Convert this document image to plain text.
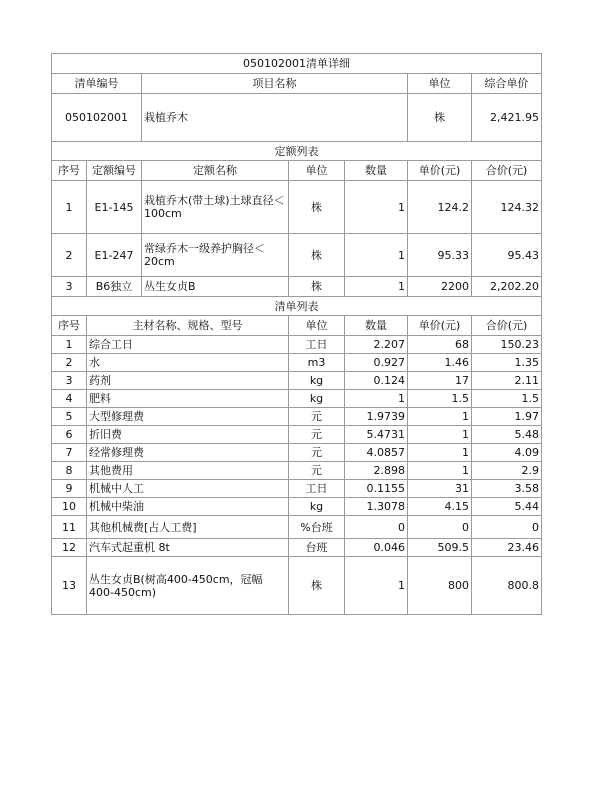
050102001清单详细						
清单编号		项目名称			单位	综合单价
050102001		栽植乔木			株	2,421.95
定额列表						
序号	定额编号	定额名称	单位	数量	单价(元)	合价(元)
1	E1-145	栽植乔木(带土球)土球直径＜100cm	株	1	124.2	124.32
2	E1-247	常绿乔木一级养护胸径＜20cm	株	1	95.33	95.43
3	B6独立	丛生女贞B	株	1	2200	2,202.20
清单列表						
序号	主材名称、规格、型号		单位	数量	单价(元)	合价(元)
1	综合工日		工日	2.207	68	150.23
2	水		m3	0.927	1.46	1.35
3	药剂		kg	0.124	17	2.11
4	肥料		kg	1	1.5	1.5
5	大型修理费		元	1.9739	1	1.97
6	折旧费		元	5.4731	1	5.48
7	经常修理费		元	4.0857	1	4.09
8	其他费用		元	2.898	1	2.9
9	机械中人工		工日	0.1155	31	3.58
10	机械中柴油		kg	1.3078	4.15	5.44
11	其他机械费[占人工费]		%台班	0	0	0
12	汽车式起重机 8t		台班	0.046	509.5	23.46
13	丛生女贞B(树高400-450cm，冠幅400-450cm)		株	1	800	800.8
